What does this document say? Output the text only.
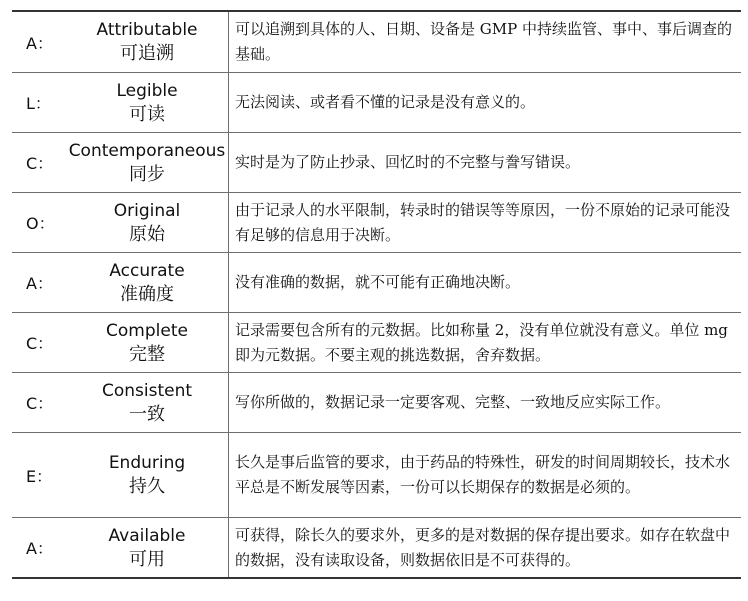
A：
Attributable
可追溯
可以追溯到具体的人、日期、设备是 GMP 中持续监管、事中、事后调查的基础。
L：
Legible
可读
无法阅读、或者看不懂的记录是没有意义的。
C：
Contemporaneous
同步
实时是为了防止抄录、回忆时的不完整与誊写错误。
O：
Original
原始
由于记录人的水平限制，转录时的错误等等原因，一份不原始的记录可能没有足够的信息用于决断。
A：
Accurate
准确度
没有准确的数据，就不可能有正确地决断。
C：
Complete
完整
记录需要包含所有的元数据。比如称量 2，没有单位就没有意义。单位 mg 即为元数据。不要主观的挑选数据，舍弃数据。
C：
Consistent
一致
写你所做的，数据记录一定要客观、完整、一致地反应实际工作。
E：
Enduring
持久
长久是事后监管的要求，由于药品的特殊性，研发的时间周期较长，技术水平总是不断发展等因素，一份可以长期保存的数据是必须的。
A：
Available
可用
可获得，除长久的要求外，更多的是对数据的保存提出要求。如存在软盘中的数据，没有读取设备，则数据依旧是不可获得的。
